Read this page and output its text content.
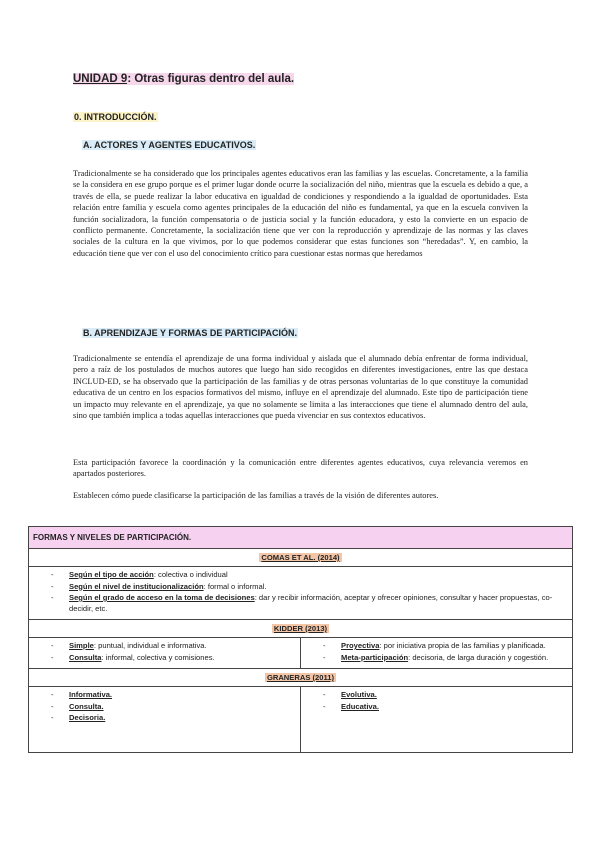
UNIDAD 9: Otras figuras dentro del aula.
0. INTRODUCCIÓN.
A. ACTORES Y AGENTES EDUCATIVOS.

Tradicionalmente se ha considerado que los principales agentes educativos eran las familias y las escuelas. Concretamente, a la familia se la considera en ese grupo porque es el primer lugar donde ocurre la socialización del niño, mientras que la escuela es debido a que, a través de ella, se puede realizar la labor educativa en igualdad de condiciones y respondiendo a la igualdad de oportunidades. Esta relación entre familia y escuela como agentes principales de la educación del niño es fundamental, ya que en la escuela conviven la función socializadora, la función compensatoria o de justicia social y la función educadora, y esto la convierte en un espacio de conflicto permanente. Concretamente, la socialización tiene que ver con la reproducción y aprendizaje de las normas y las claves sociales de la cultura en la que vivimos, por lo que podemos considerar que estas funciones son “heredadas”. Y, en cambio, la educación tiene que ver con el uso del conocimiento crítico para cuestionar estas normas que heredamos

B. APRENDIZAJE Y FORMAS DE PARTICIPACIÓN.

Tradicionalmente se entendía el aprendizaje de una forma individual y aislada que el alumnado debía enfrentar de forma individual, pero a raíz de los postulados de muchos autores que luego han sido recogidos en diferentes investigaciones, entre las que destaca INCLUD-ED, se ha observado que la participación de las familias y de otras personas voluntarias de lo que constituye la comunidad educativa de un centro en los espacios formativos del mismo, influye en el aprendizaje del alumnado. Este tipo de participación tiene un impacto muy relevante en el aprendizaje, ya que no solamente se limita a las interacciones que tiene el alumnado dentro del aula, sino que también implica a todas aquellas interacciones que pueda vivenciar en sus contextos educativos.

Esta participación favorece la coordinación y la comunicación entre diferentes agentes educativos, cuya relevancia veremos en apartados posteriores.

Establecen cómo puede clasificarse la participación de las familias a través de la visión de diferentes autores.

FORMAS Y NIVELES DE PARTICIPACIÓN.
COMAS ET AL. (2014)
- Según el tipo de acción: colectiva o individual
- Según el nivel de institucionalización: formal o informal.
- Según el grado de acceso en la toma de decisiones: dar y recibir información, aceptar y ofrecer opiniones, consultar y hacer propuestas, co-decidir, etc.
KIDDER (2013)
- Simple: puntual, individual e informativa.
- Consulta: informal, colectiva y comisiones.
- Proyectiva: por iniciativa propia de las familias y planificada.
- Meta-participación: decisoria, de larga duración y cogestión.
GRANERAS (2011)
- Informativa.
- Consulta.
- Decisoria.
- Evolutiva.
- Educativa.
